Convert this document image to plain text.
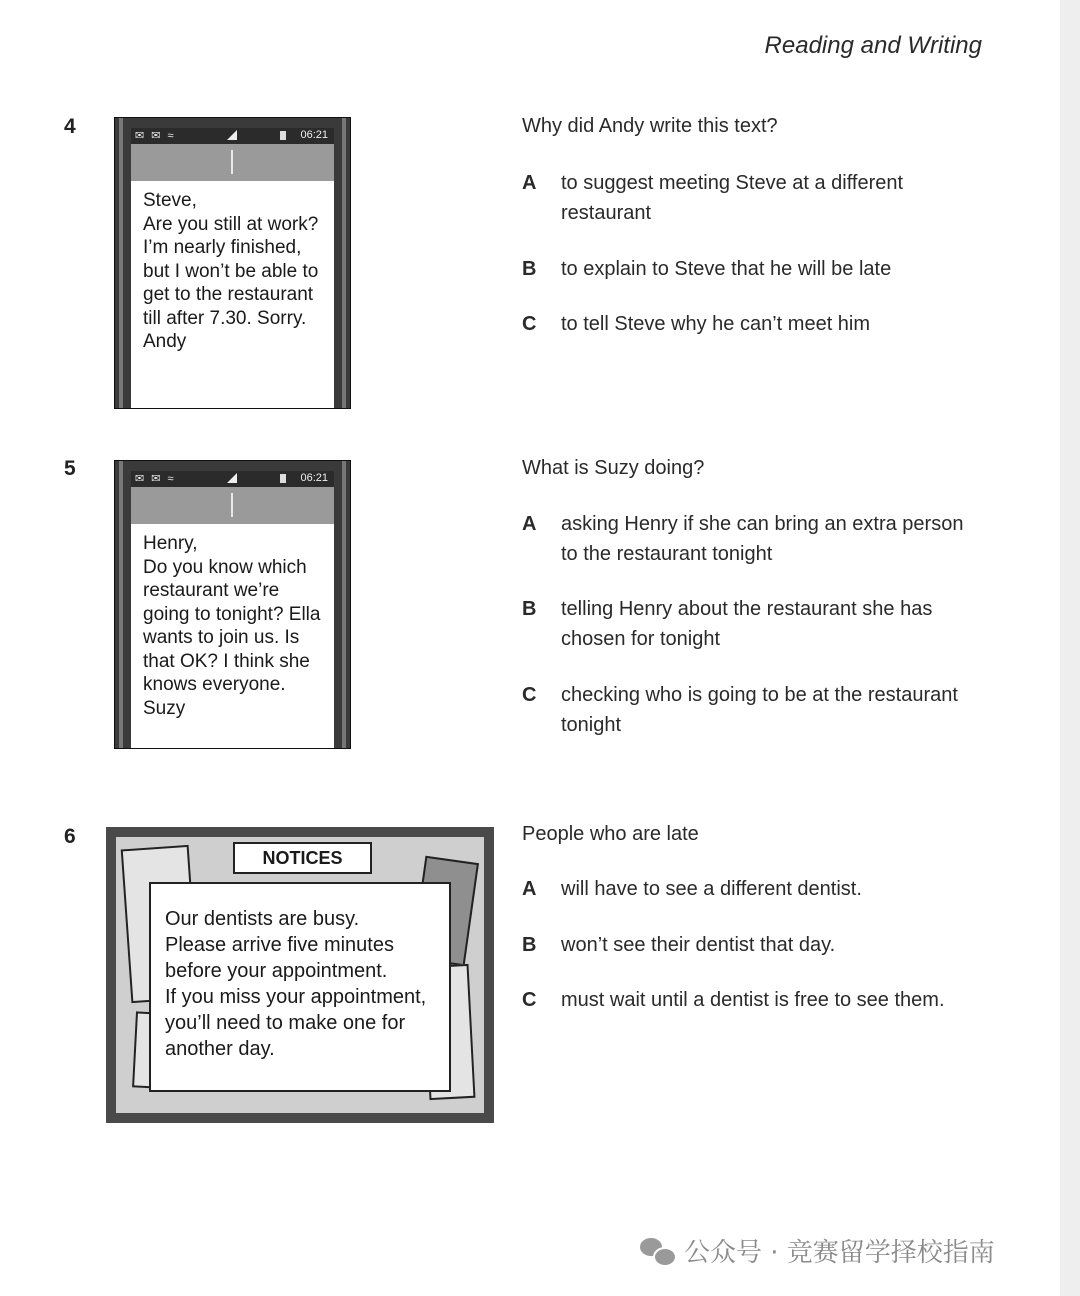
Reading and Writing
4	✉ ✉ ≈	06:21
Steve,
Are you still at work?
I’m nearly finished,
but I won’t be able to
get to the restaurant
till after 7.30. Sorry.
Andy
Why did Andy write this text?
A to suggest meeting Steve at a different restaurant
B to explain to Steve that he will be late
C to tell Steve why he can’t meet him
5	✉ ✉ ≈	06:21
Henry,
Do you know which
restaurant we’re
going to tonight? Ella
wants to join us. Is
that OK? I think she
knows everyone.
Suzy
What is Suzy doing?
A asking Henry if she can bring an extra person to the restaurant tonight
B telling Henry about the restaurant she has chosen for tonight
C checking who is going to be at the restaurant tonight
6
NOTICES
Our dentists are busy.
Please arrive five minutes
before your appointment.
If you miss your appointment,
you’ll need to make one for
another day.
People who are late
A will have to see a different dentist.
B won’t see their dentist that day.
C must wait until a dentist is free to see them.
公众号 · 竞赛留学择校指南
